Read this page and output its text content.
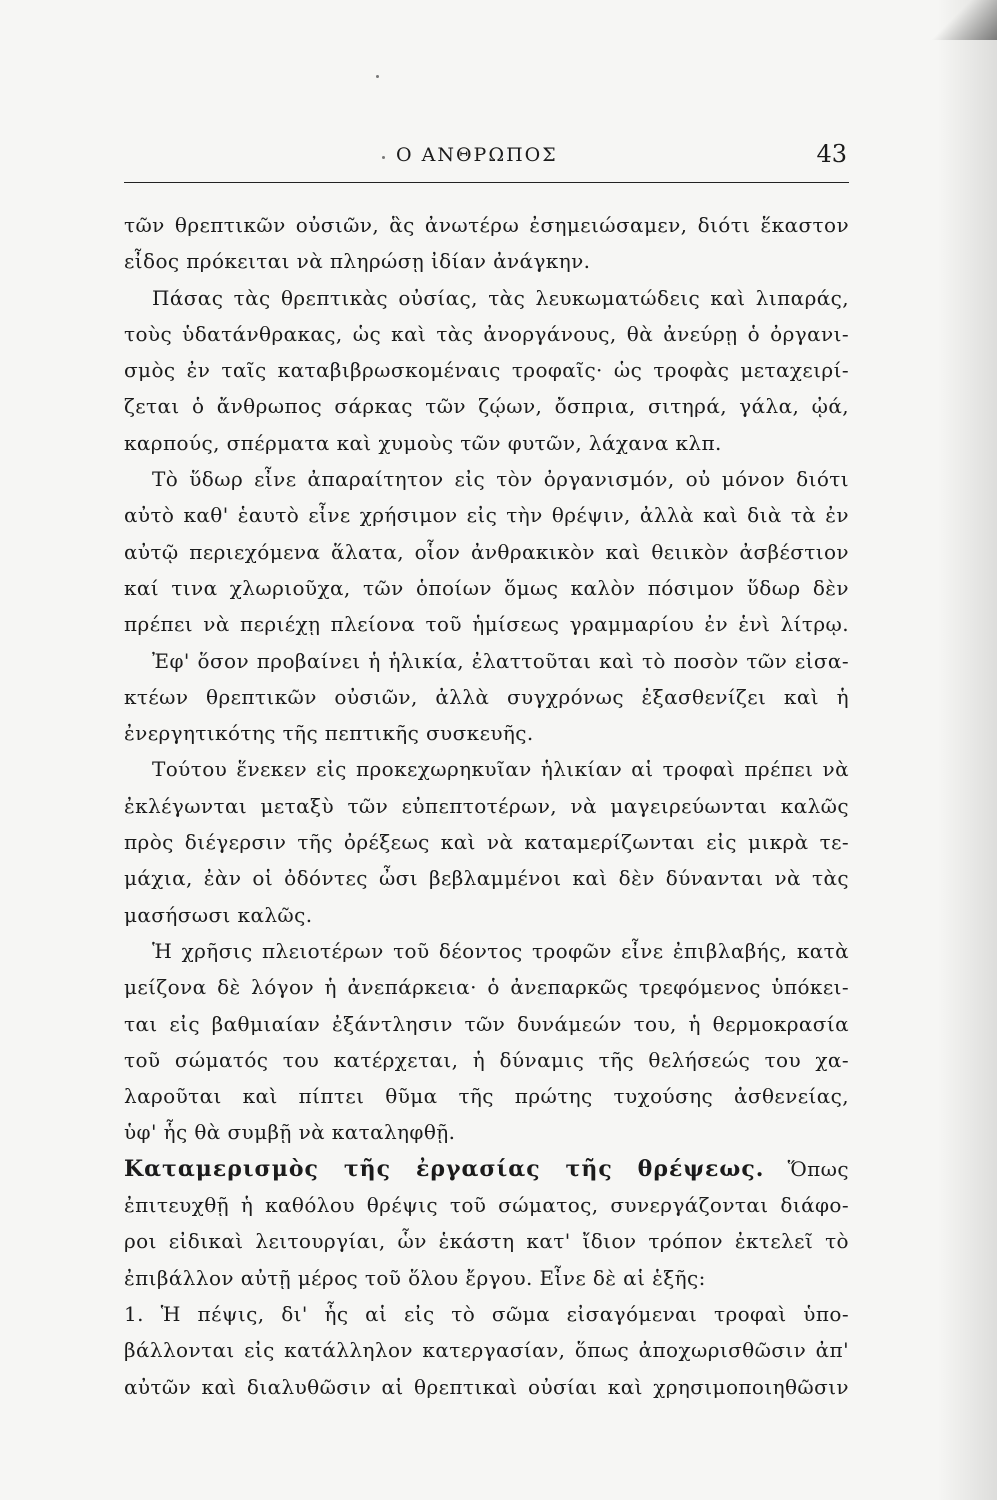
Ο ΑΝΘΡΩΠΟΣ	43
τῶν θρεπτικῶν οὐσιῶν, ἃς ἀνωτέρω ἐσημειώσαμεν, διότι ἕκαστον
εἶδος πρόκειται νὰ πληρώσῃ ἰδίαν ἀνάγκην.
Πάσας τὰς θρεπτικὰς οὐσίας, τὰς λευκωματώδεις καὶ λιπαράς,
τοὺς ὑδατάνθρακας, ὡς καὶ τὰς ἀνοργάνους, θὰ ἀνεύρῃ ὁ ὀργανι-
σμὸς ἐν ταῖς καταβιβρωσκομέναις τροφαῖς· ὡς τροφὰς μεταχειρί-
ζεται ὁ ἄνθρωπος σάρκας τῶν ζῴων, ὄσπρια, σιτηρά, γάλα, ᾠά,
καρπούς, σπέρματα καὶ χυμοὺς τῶν φυτῶν, λάχανα κλπ.
Τὸ ὕδωρ εἶνε ἀπαραίτητον εἰς τὸν ὀργανισμόν, οὐ μόνον διότι
αὐτὸ καθ' ἑαυτὸ εἶνε χρήσιμον εἰς τὴν θρέψιν, ἀλλὰ καὶ διὰ τὰ ἐν
αὐτῷ περιεχόμενα ἅλατα, οἷον ἀνθρακικὸν καὶ θειικὸν ἀσβέστιον
καί τινα χλωριοῦχα, τῶν ὁποίων ὅμως καλὸν πόσιμον ὕδωρ δὲν
πρέπει νὰ περιέχῃ πλείονα τοῦ ἡμίσεως γραμμαρίου ἐν ἑνὶ λίτρῳ.
Ἐφ' ὅσον προβαίνει ἡ ἡλικία, ἐλαττοῦται καὶ τὸ ποσὸν τῶν εἰσα-
κτέων θρεπτικῶν οὐσιῶν, ἀλλὰ συγχρόνως ἐξασθενίζει καὶ ἡ
ἐνεργητικότης τῆς πεπτικῆς συσκευῆς.
Τούτου ἕνεκεν εἰς προκεχωρηκυῖαν ἡλικίαν αἱ τροφαὶ πρέπει νὰ
ἐκλέγωνται μεταξὺ τῶν εὐπεπτοτέρων, νὰ μαγειρεύωνται καλῶς
πρὸς διέγερσιν τῆς ὀρέξεως καὶ νὰ καταμερίζωνται εἰς μικρὰ τε-
μάχια, ἐὰν οἱ ὀδόντες ὦσι βεβλαμμένοι καὶ δὲν δύνανται νὰ τὰς
μασήσωσι καλῶς.
Ἡ χρῆσις πλειοτέρων τοῦ δέοντος τροφῶν εἶνε ἐπιβλαβής, κατὰ
μείζονα δὲ λόγον ἡ ἀνεπάρκεια· ὁ ἀνεπαρκῶς τρεφόμενος ὑπόκει-
ται εἰς βαθμιαίαν ἐξάντλησιν τῶν δυνάμεών του, ἡ θερμοκρασία
τοῦ σώματός του κατέρχεται, ἡ δύναμις τῆς θελήσεώς του χα-
λαροῦται καὶ πίπτει θῦμα τῆς πρώτης τυχούσης ἀσθενείας,
ὑφ' ἧς θὰ συμβῇ νὰ καταληφθῇ.
Καταμερισμὸς τῆς ἐργασίας τῆς θρέψεως. Ὅπως
ἐπιτευχθῇ ἡ καθόλου θρέψις τοῦ σώματος, συνεργάζονται διάφο-
ροι εἰδικαὶ λειτουργίαι, ὧν ἑκάστη κατ' ἴδιον τρόπον ἐκτελεῖ τὸ
ἐπιβάλλον αὐτῇ μέρος τοῦ ὅλου ἔργου. Εἶνε δὲ αἱ ἑξῆς:
1. Ἡ πέψις, δι' ἧς αἱ εἰς τὸ σῶμα εἰσαγόμεναι τροφαὶ ὑπο-
βάλλονται εἰς κατάλληλον κατεργασίαν, ὅπως ἀποχωρισθῶσιν ἀπ'
αὐτῶν καὶ διαλυθῶσιν αἱ θρεπτικαὶ οὐσίαι καὶ χρησιμοποιηθῶσιν
